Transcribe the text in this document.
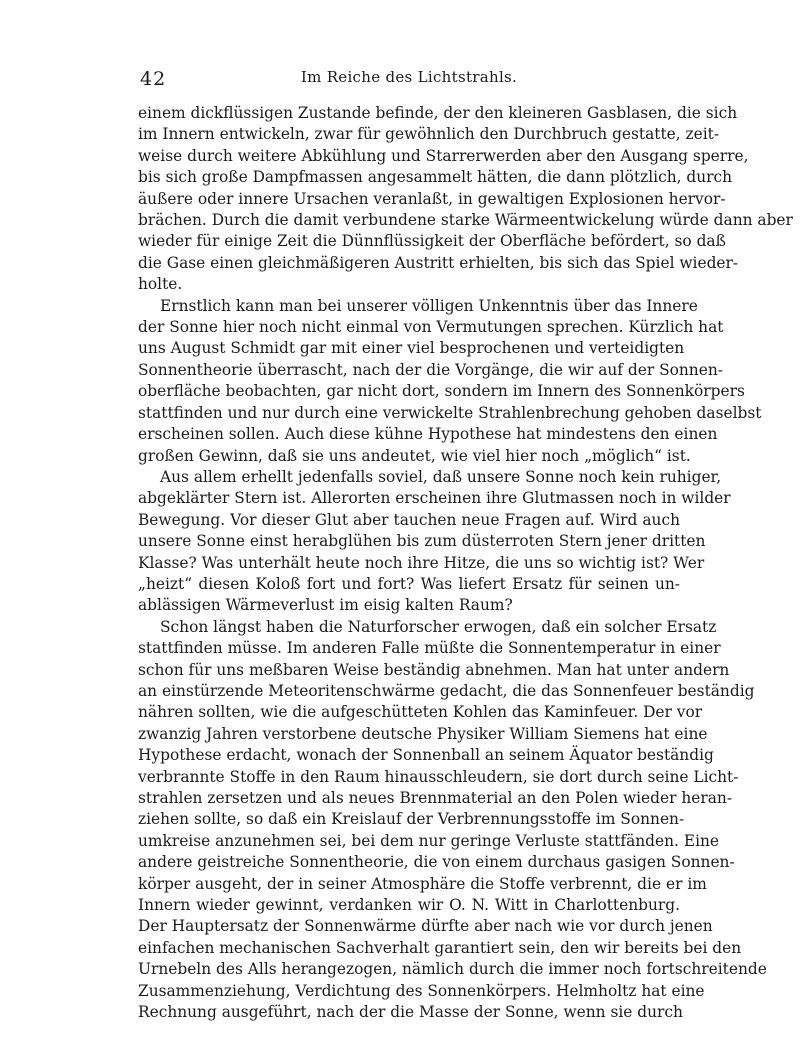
42	Im Reiche des Lichtstrahls.
einem dickflüssigen Zustande befinde, der den kleineren Gasblasen, die sich
im Innern entwickeln, zwar für gewöhnlich den Durchbruch gestatte, zeit-
weise durch weitere Abkühlung und Starrerwerden aber den Ausgang sperre,
bis sich große Dampfmassen angesammelt hätten, die dann plötzlich, durch
äußere oder innere Ursachen veranlaßt, in gewaltigen Explosionen hervor-
brächen. Durch die damit verbundene starke Wärmeentwickelung würde dann aber
wieder für einige Zeit die Dünnflüssigkeit der Oberfläche befördert, so daß
die Gase einen gleichmäßigeren Austritt erhielten, bis sich das Spiel wieder-
holte.
Ernstlich kann man bei unserer völligen Unkenntnis über das Innere
der Sonne hier noch nicht einmal von Vermutungen sprechen. Kürzlich hat
uns August Schmidt gar mit einer viel besprochenen und verteidigten
Sonnentheorie überrascht, nach der die Vorgänge, die wir auf der Sonnen-
oberfläche beobachten, gar nicht dort, sondern im Innern des Sonnenkörpers
stattfinden und nur durch eine verwickelte Strahlenbrechung gehoben daselbst
erscheinen sollen. Auch diese kühne Hypothese hat mindestens den einen
großen Gewinn, daß sie uns andeutet, wie viel hier noch „möglich“ ist.
Aus allem erhellt jedenfalls soviel, daß unsere Sonne noch kein ruhiger,
abgeklärter Stern ist. Allerorten erscheinen ihre Glutmassen noch in wilder
Bewegung. Vor dieser Glut aber tauchen neue Fragen auf. Wird auch
unsere Sonne einst herabglühen bis zum düsterroten Stern jener dritten
Klasse? Was unterhält heute noch ihre Hitze, die uns so wichtig ist? Wer
„heizt“ diesen Koloß fort und fort? Was liefert Ersatz für seinen un-
ablässigen Wärmeverlust im eisig kalten Raum?
Schon längst haben die Naturforscher erwogen, daß ein solcher Ersatz
stattfinden müsse. Im anderen Falle müßte die Sonnentemperatur in einer
schon für uns meßbaren Weise beständig abnehmen. Man hat unter andern
an einstürzende Meteoritenschwärme gedacht, die das Sonnenfeuer beständig
nähren sollten, wie die aufgeschütteten Kohlen das Kaminfeuer. Der vor
zwanzig Jahren verstorbene deutsche Physiker William Siemens hat eine
Hypothese erdacht, wonach der Sonnenball an seinem Äquator beständig
verbrannte Stoffe in den Raum hinausschleudern, sie dort durch seine Licht-
strahlen zersetzen und als neues Brennmaterial an den Polen wieder heran-
ziehen sollte, so daß ein Kreislauf der Verbrennungsstoffe im Sonnen-
umkreise anzunehmen sei, bei dem nur geringe Verluste stattfänden. Eine
andere geistreiche Sonnentheorie, die von einem durchaus gasigen Sonnen-
körper ausgeht, der in seiner Atmosphäre die Stoffe verbrennt, die er im
Innern wieder gewinnt, verdanken wir O. N. Witt in Charlottenburg.
Der Hauptersatz der Sonnenwärme dürfte aber nach wie vor durch jenen
einfachen mechanischen Sachverhalt garantiert sein, den wir bereits bei den
Urnebeln des Alls herangezogen, nämlich durch die immer noch fortschreitende
Zusammenziehung, Verdichtung des Sonnenkörpers. Helmholtz hat eine
Rechnung ausgeführt, nach der die Masse der Sonne, wenn sie durch
